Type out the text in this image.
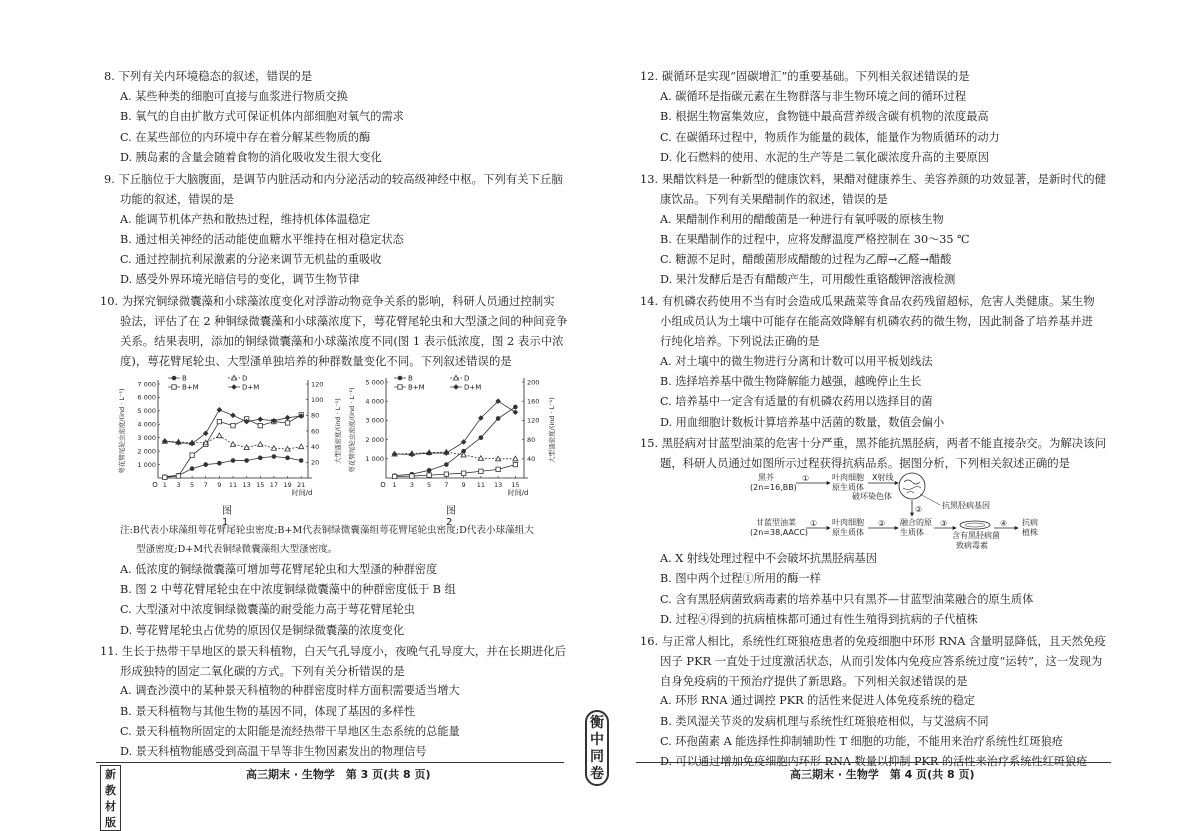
8. 下列有关内环境稳态的叙述，错误的是
A. 某些种类的细胞可直接与血浆进行物质交换
B. 氧气的自由扩散方式可保证机体内部细胞对氧气的需求
C. 在某些部位的内环境中存在着分解某些物质的酶
D. 胰岛素的含量会随着食物的消化吸收发生很大变化
9. 下丘脑位于大脑腹面，是调节内脏活动和内分泌活动的较高级神经中枢。下列有关下丘脑
功能的叙述，错误的是
A. 能调节机体产热和散热过程，维持机体体温稳定
B. 通过相关神经的活动能使血糖水平维持在相对稳定状态
C. 通过控制抗利尿激素的分泌来调节无机盐的重吸收
D. 感受外界环境光暗信号的变化，调节生物节律
10. 为探究铜绿微囊藻和小球藻浓度变化对浮游动物竞争关系的影响，科研人员通过控制实
验法，评估了在 2 种铜绿微囊藻和小球藻浓度下，萼花臂尾轮虫和大型溞之间的种间竞争
关系。结果表明，添加的铜绿微囊藻和小球藻浓度不同(图 1 表示低浓度，图 2 表示中浓
度)，萼花臂尾轮虫、大型溞单独培养的种群数量变化不同。下列叙述错误的是
1 000
2 000
3 000
4 000
5 000
6 000
7 000
20
40
60
80
100
120
O 1 3 5 7 9 11 13 15 17 19 21
时间/d
萼花臂尾轮虫密度/(ind · L⁻¹)	大型溞密度/(ind · L⁻¹)
B	D
B+M	D+M
图 1
1 000
2 000
3 000
4 000
5 000
40
80
120
160
200
O 1 3 5 7 9 11 13 15
时间/d
萼花臂尾轮虫密度/(ind · L⁻¹)	大型溞密度/(ind · L⁻¹)
B	D
B+M	D+M
图 2
注:B代表小球藻组萼花臂尾轮虫密度;B+M代表铜绿微囊藻组萼花臂尾轮虫密度;D代表小球藻组大
型溞密度;D+M代表铜绿微囊藻组大型溞密度。
A. 低浓度的铜绿微囊藻可增加萼花臂尾轮虫和大型溞的种群密度
B. 图 2 中萼花臂尾轮虫在中浓度铜绿微囊藻中的种群密度低于 B 组
C. 大型溞对中浓度铜绿微囊藻的耐受能力高于萼花臂尾轮虫
D. 萼花臂尾轮虫占优势的原因仅是铜绿微囊藻的浓度变化
11. 生长于热带干旱地区的景天科植物，白天气孔导度小，夜晚气孔导度大，并在长期进化后
形成独特的固定二氧化碳的方式。下列有关分析错误的是
A. 调查沙漠中的某种景天科植物的种群密度时样方面积需要适当增大
B. 景天科植物与其他生物的基因不同，体现了基因的多样性
C. 景天科植物所固定的太阳能是流经热带干旱地区生态系统的总能量
D. 景天科植物能感受到高温干旱等非生物因素发出的物理信号
新教材版
高三期末 · 生物学　第 3 页(共 8 页)
衡
中
同
卷
12. 碳循环是实现“固碳增汇”的重要基础。下列相关叙述错误的是
A. 碳循环是指碳元素在生物群落与非生物环境之间的循环过程
B. 根据生物富集效应，食物链中最高营养级含碳有机物的浓度最高
C. 在碳循环过程中，物质作为能量的载体，能量作为物质循环的动力
D. 化石燃料的使用、水泥的生产等是二氧化碳浓度升高的主要原因
13. 果醋饮料是一种新型的健康饮料，果醋对健康养生、美容养颜的功效显著，是新时代的健
康饮品。下列有关果醋制作的叙述，错误的是
A. 果醋制作利用的醋酸菌是一种进行有氧呼吸的原核生物
B. 在果醋制作的过程中，应将发酵温度严格控制在 30～35 ℃
C. 糖源不足时，醋酸菌形成醋酸的过程为乙醇→乙醛→醋酸
D. 果汁发酵后是否有醋酸产生，可用酸性重铬酸钾溶液检测
14. 有机磷农药使用不当有时会造成瓜果蔬菜等食品农药残留超标，危害人类健康。某生物
小组成员认为土壤中可能存在能高效降解有机磷农药的微生物，因此制备了培养基并进
行纯化培养。下列说法正确的是
A. 对土壤中的微生物进行分离和计数可以用平板划线法
B. 选择培养基中微生物降解能力越强，越晚停止生长
C. 培养基中一定含有适量的有机磷农药用以选择目的菌
D. 用血细胞计数板计算培养基中活菌的数量，数值会偏小
15. 黑胫病对甘蓝型油菜的危害十分严重，黑芥能抗黑胫病，两者不能直接杂交。为解决该问
题，科研人员通过如图所示过程获得抗病品系。据图分析，下列相关叙述正确的是
黑芥
(2n=16,BB)
①	叶肉细胞
原生质体
X射线
破坏染色体
抗黑胫病基因
②
甘蓝型油菜
(2n=38,AACC)
① 叶肉细胞
原生质体
② 融合的原
生质体
③
含有黑胫病菌
致病毒素
④ 抗病
植株
A. X 射线处理过程中不会破坏抗黑胫病基因
B. 图中两个过程①所用的酶一样
C. 含有黑胫病菌致病毒素的培养基中只有黑芥—甘蓝型油菜融合的原生质体
D. 过程④得到的抗病植株都可通过有性生殖得到抗病的子代植株
16. 与正常人相比，系统性红斑狼疮患者的免疫细胞中环形 RNA 含量明显降低，且天然免疫
因子 PKR 一直处于过度激活状态，从而引发体内免疫应答系统过度“运转”，这一发现为
自身免疫病的干预治疗提供了新思路。下列相关叙述错误的是
A. 环形 RNA 通过调控 PKR 的活性来促进人体免疫系统的稳定
B. 类风湿关节炎的发病机理与系统性红斑狼疮相似，与艾滋病不同
C. 环孢菌素 A 能选择性抑制辅助性 T 细胞的功能，不能用来治疗系统性红斑狼疮
D. 可以通过增加免疫细胞内环形 RNA 数量以抑制 PKR 的活性来治疗系统性红斑狼疮
高三期末 · 生物学　第 4 页(共 8 页)
